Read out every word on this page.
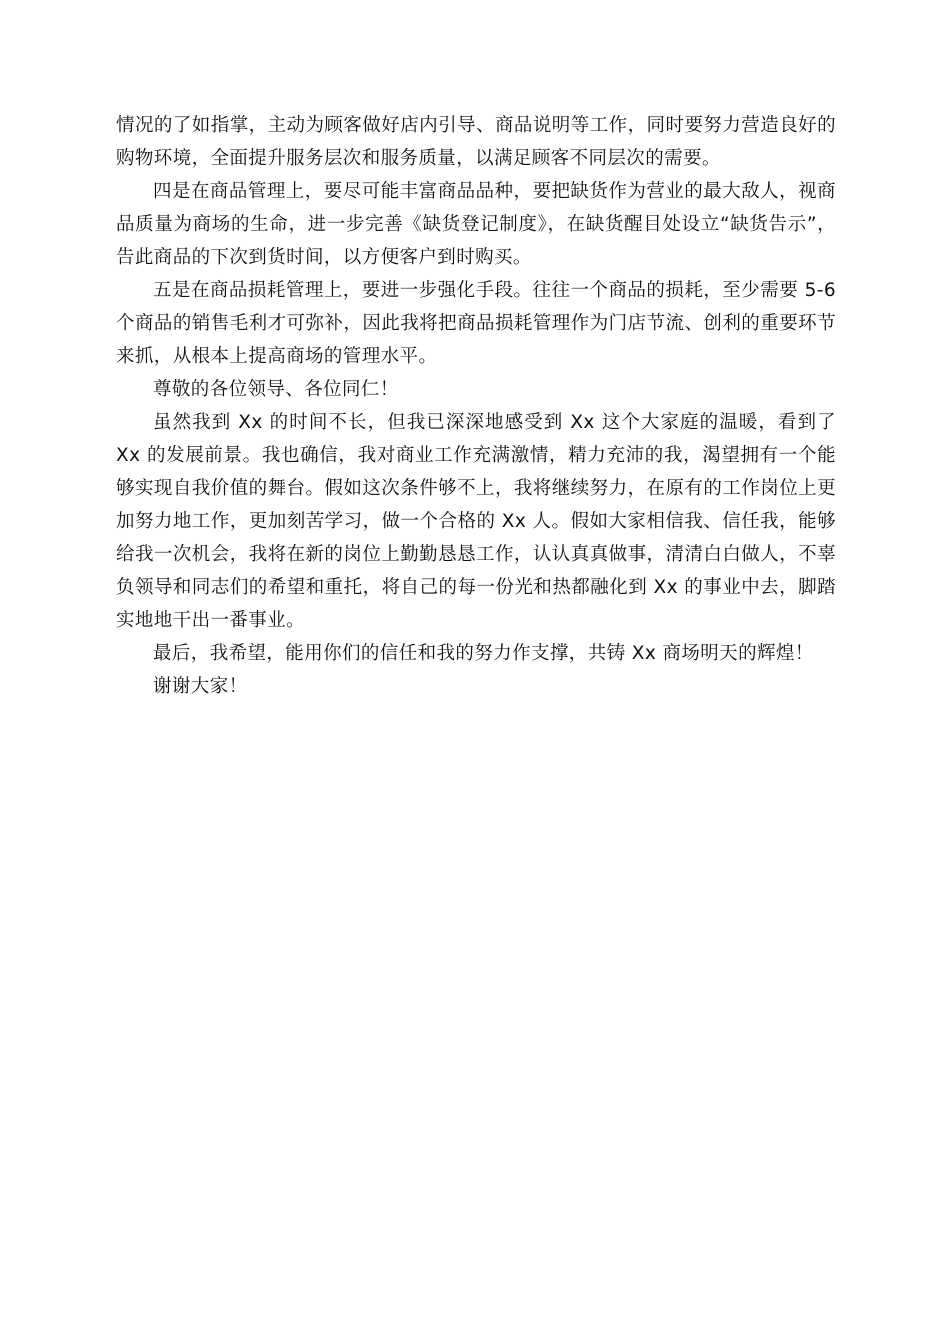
情况的了如指掌，主动为顾客做好店内引导、商品说明等工作，同时要努力营造良好的购物环境，全面提升服务层次和服务质量，以满足顾客不同层次的需要。

四是在商品管理上，要尽可能丰富商品品种，要把缺货作为营业的最大敌人，视商品质量为商场的生命，进一步完善《缺货登记制度》，在缺货醒目处设立“缺货告示”，告此商品的下次到货时间，以方便客户到时购买。

五是在商品损耗管理上，要进一步强化手段。往往一个商品的损耗，至少需要 5-6 个商品的销售毛利才可弥补，因此我将把商品损耗管理作为门店节流、创利的重要环节来抓，从根本上提高商场的管理水平。

尊敬的各位领导、各位同仁！

虽然我到 Xx 的时间不长，但我已深深地感受到 Xx 这个大家庭的温暖，看到了 Xx 的发展前景。我也确信，我对商业工作充满激情，精力充沛的我，渴望拥有一个能够实现自我价值的舞台。假如这次条件够不上，我将继续努力，在原有的工作岗位上更加努力地工作，更加刻苦学习，做一个合格的 Xx 人。假如大家相信我、信任我，能够给我一次机会，我将在新的岗位上勤勤恳恳工作，认认真真做事，清清白白做人，不辜负领导和同志们的希望和重托，将自己的每一份光和热都融化到 Xx 的事业中去，脚踏实地地干出一番事业。

最后，我希望，能用你们的信任和我的努力作支撑，共铸 Xx 商场明天的辉煌！

谢谢大家！
